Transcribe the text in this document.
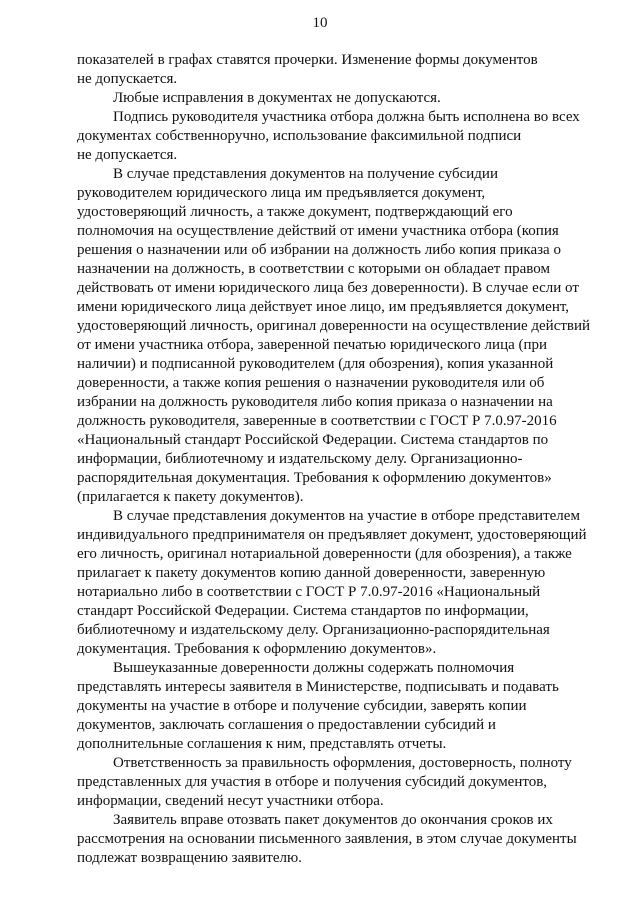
10

показателей в графах ставятся прочерки. Изменение формы документов
не допускается.

Любые исправления в документах не допускаются.

Подпись руководителя участника отбора должна быть исполнена во всех
документах собственноручно, использование факсимильной подписи
не допускается.

В случае представления документов на получение субсидии
руководителем юридического лица им предъявляется документ,
удостоверяющий личность, а также документ, подтверждающий его
полномочия на осуществление действий от имени участника отбора (копия
решения о назначении или об избрании на должность либо копия приказа о
назначении на должность, в соответствии с которыми он обладает правом
действовать от имени юридического лица без доверенности). В случае если от
имени юридического лица действует иное лицо, им предъявляется документ,
удостоверяющий личность, оригинал доверенности на осуществление действий
от имени участника отбора, заверенной печатью юридического лица (при
наличии) и подписанной руководителем (для обозрения), копия указанной
доверенности, а также копия решения о назначении руководителя или об
избрании на должность руководителя либо копия приказа о назначении на
должность руководителя, заверенные в соответствии с ГОСТ Р 7.0.97-2016
«Национальный стандарт Российской Федерации. Система стандартов по
информации, библиотечному и издательскому делу. Организационно-
распорядительная документация. Требования к оформлению документов»
(прилагается к пакету документов).

В случае представления документов на участие в отборе представителем
индивидуального предпринимателя он предъявляет документ, удостоверяющий
его личность, оригинал нотариальной доверенности (для обозрения), а также
прилагает к пакету документов копию данной доверенности, заверенную
нотариально либо в соответствии с ГОСТ Р 7.0.97-2016 «Национальный
стандарт Российской Федерации. Система стандартов по информации,
библиотечному и издательскому делу. Организационно-распорядительная
документация. Требования к оформлению документов».

Вышеуказанные доверенности должны содержать полномочия
представлять интересы заявителя в Министерстве, подписывать и подавать
документы на участие в отборе и получение субсидии, заверять копии
документов, заключать соглашения о предоставлении субсидий и
дополнительные соглашения к ним, представлять отчеты.

Ответственность за правильность оформления, достоверность, полноту
представленных для участия в отборе и получения субсидий документов,
информации, сведений несут участники отбора.

Заявитель вправе отозвать пакет документов до окончания сроков их
рассмотрения на основании письменного заявления, в этом случае документы
подлежат возвращению заявителю.
